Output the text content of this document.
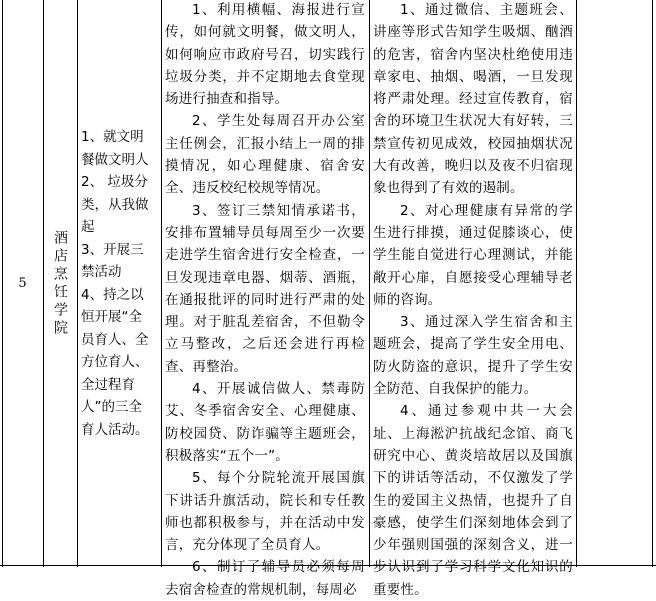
5 酒店烹饪学院
1、就文明餐做文明人
2、 垃圾分类，从我做起
3、开展三禁活动
4、持之以恒开展“全员育人、全方位育人、全过程育人”的三全育人活动。

1、利用横幅、海报进行宣传，如何就文明餐，做文明人，如何响应市政府号召，切实践行垃圾分类，并不定期地去食堂现场进行抽查和指导。

2、学生处每周召开办公室主任例会，汇报小结上一周的排摸情况，如心理健康、宿舍安全、违反校纪校规等情况。

3、签订三禁知情承诺书，安排布置辅导员每周至少一次要走进学生宿舍进行安全检查，一旦发现违章电器、烟蒂、酒瓶，在通报批评的同时进行严肃的处理。对于脏乱差宿舍，不但勒令立马整改，之后还会进行再检查、再整治。

4、开展诚信做人、禁毒防艾、冬季宿舍安全、心理健康、防校园贷、防诈骗等主题班会，积极落实“五个一”。

5、每个分院轮流开展国旗下讲话升旗活动，院长和专任教师也都积极参与，并在活动中发言，充分体现了全员育人。

6、制订了辅导员必须每周去宿舍检查的常规机制，每周必

1、通过微信、主题班会、讲座等形式告知学生吸烟、酗酒的危害，宿舍内坚决杜绝使用违章家电、抽烟、喝酒，一旦发现将严肃处理。经过宣传教育，宿舍的环境卫生状况大有好转，三禁宣传初见成效，校园抽烟状况大有改善，晚归以及夜不归宿现象也得到了有效的遏制。

2、对心理健康有异常的学生进行排摸，通过促膝谈心，使学生能自觉进行心理测试，并能敞开心扉，自愿接受心理辅导老师的咨询。

3、通过深入学生宿舍和主题班会，提高了学生安全用电、防火防盗的意识，提升了学生安全防范、自我保护的能力。

4、通过参观中共一大会址、上海淞沪抗战纪念馆、商飞研究中心、黄炎培故居以及国旗下的讲话等活动，不仅激发了学生的爱国主义热情，也提升了自豪感，使学生们深刻地体会到了少年强则国强的深刻含义，进一步认识到了学习科学文化知识的重要性。
